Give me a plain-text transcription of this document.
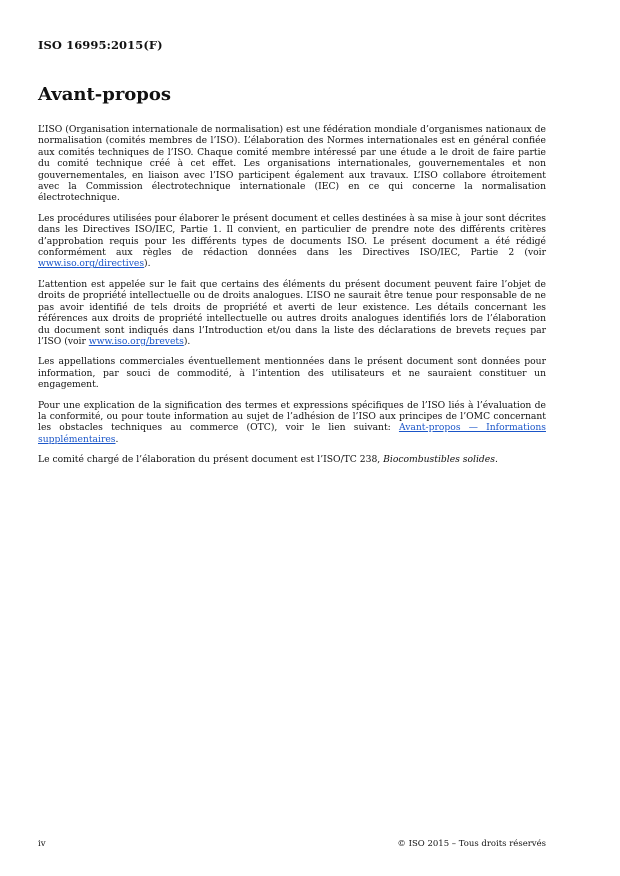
ISO 16995:2015(F)
Avant-propos

L’ISO (Organisation internationale de normalisation) est une fédération mondiale d’organismes nationaux de normalisation (comités membres de l’ISO). L’élaboration des Normes internationales est en général confiée aux comités techniques de l’ISO. Chaque comité membre intéressé par une étude a le droit de faire partie du comité technique créé à cet effet. Les organisations internationales, gouvernementales et non gouvernementales, en liaison avec l’ISO participent également aux travaux. L’ISO collabore étroitement avec la Commission électrotechnique internationale (IEC) en ce qui concerne la normalisation électrotechnique.

Les procédures utilisées pour élaborer le présent document et celles destinées à sa mise à jour sont décrites dans les Directives ISO/IEC, Partie 1. Il convient, en particulier de prendre note des différents critères d’approbation requis pour les différents types de documents ISO. Le présent document a été rédigé conformément aux règles de rédaction données dans les Directives ISO/IEC, Partie 2 (voir www.iso.org/directives).

L’attention est appelée sur le fait que certains des éléments du présent document peuvent faire l’objet de droits de propriété intellectuelle ou de droits analogues. L’ISO ne saurait être tenue pour responsable de ne pas avoir identifié de tels droits de propriété et averti de leur existence. Les détails concernant les références aux droits de propriété intellectuelle ou autres droits analogues identifiés lors de l’élaboration du document sont indiqués dans l’Introduction et/ou dans la liste des déclarations de brevets reçues par l’ISO (voir www.iso.org/brevets).

Les appellations commerciales éventuellement mentionnées dans le présent document sont données pour information, par souci de commodité, à l’intention des utilisateurs et ne sauraient constituer un engagement.

Pour une explication de la signification des termes et expressions spécifiques de l’ISO liés à l’évaluation de la conformité, ou pour toute information au sujet de l’adhésion de l’ISO aux principes de l’OMC concernant les obstacles techniques au commerce (OTC), voir le lien suivant: Avant-propos — Informations supplémentaires.

Le comité chargé de l’élaboration du présent document est l’ISO/TC 238, Biocombustibles solides.

iv	© ISO 2015 – Tous droits réservés
